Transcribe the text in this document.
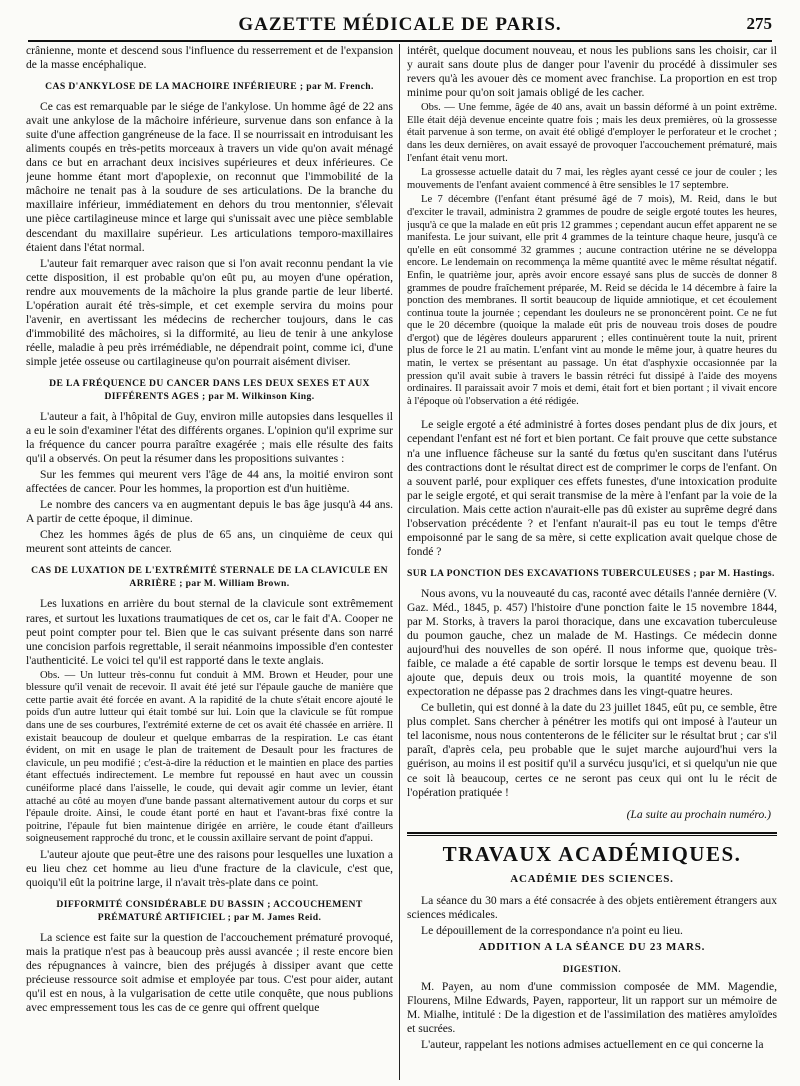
GAZETTE MÉDICALE DE PARIS.	275

crânienne, monte et descend sous l'influence du resserrement et de l'expansion de la masse encéphalique.

CAS D'ANKYLOSE DE LA MACHOIRE INFÉRIEURE ; par M. French.

Ce cas est remarquable par le siége de l'ankylose. Un homme âgé de 22 ans avait une ankylose de la mâchoire inférieure, survenue dans son enfance à la suite d'une affection gangréneuse de la face. Il se nourrissait en introduisant les aliments coupés en très-petits morceaux à travers un vide qu'on avait ménagé dans ce but en arrachant deux incisives supérieures et deux inférieures. Ce jeune homme étant mort d'apoplexie, on reconnut que l'immobilité de la mâchoire ne tenait pas à la soudure de ses articulations. De la branche du maxillaire inférieur, immédiatement en dehors du trou mentonnier, s'élevait une pièce cartilagineuse mince et large qui s'unissait avec une pièce semblable descendant du maxillaire supérieur. Les articulations temporo-maxillaires étaient dans l'état normal.

L'auteur fait remarquer avec raison que si l'on avait reconnu pendant la vie cette disposition, il est probable qu'on eût pu, au moyen d'une opération, rendre aux mouvements de la mâchoire la plus grande partie de leur liberté. L'opération aurait été très-simple, et cet exemple servira du moins pour l'avenir, en avertissant les médecins de rechercher toujours, dans le cas d'immobilité des mâchoires, si la difformité, au lieu de tenir à une ankylose réelle, maladie à peu près irrémédiable, ne dépendrait point, comme ici, d'une simple jetée osseuse ou cartilagineuse qu'on pourrait aisément diviser.

DE LA FRÉQUENCE DU CANCER DANS LES DEUX SEXES ET AUX DIFFÉRENTS AGES ; par M. Wilkinson King.

L'auteur a fait, à l'hôpital de Guy, environ mille autopsies dans lesquelles il a eu le soin d'examiner l'état des différents organes. L'opinion qu'il exprime sur la fréquence du cancer pourra paraître exagérée ; mais elle résulte des faits qu'il a observés. On peut la résumer dans les propositions suivantes :

Sur les femmes qui meurent vers l'âge de 44 ans, la moitié environ sont affectées de cancer. Pour les hommes, la proportion est d'un huitième.

Le nombre des cancers va en augmentant depuis le bas âge jusqu'à 44 ans. A partir de cette époque, il diminue.

Chez les hommes âgés de plus de 65 ans, un cinquième de ceux qui meurent sont atteints de cancer.

CAS DE LUXATION DE L'EXTRÉMITÉ STERNALE DE LA CLAVICULE EN ARRIÈRE ; par M. William Brown.

Les luxations en arrière du bout sternal de la clavicule sont extrêmement rares, et surtout les luxations traumatiques de cet os, car le fait d'A. Cooper ne peut point compter pour tel. Bien que le cas suivant présente dans son narré une concision parfois regrettable, il serait néanmoins impossible d'en contester l'authenticité. Le voici tel qu'il est rapporté dans le texte anglais.

Obs. — Un lutteur très-connu fut conduit à MM. Brown et Heuder, pour une blessure qu'il venait de recevoir. Il avait été jeté sur l'épaule gauche de manière que cette partie avait été forcée en avant. A la rapidité de la chute s'était encore ajouté le poids d'un autre lutteur qui était tombé sur lui. Loin que la clavicule se fût rompue dans une de ses courbures, l'extrémité externe de cet os avait été chassée en arrière. Il existait beaucoup de douleur et quelque embarras de la respiration. Le cas étant évident, on mit en usage le plan de traitement de Desault pour les fractures de clavicule, un peu modifié ; c'est-à-dire la réduction et le maintien en place des parties étant effectués indirectement. Le membre fut repoussé en haut avec un coussin cunéiforme placé dans l'aisselle, le coude, qui devait agir comme un levier, étant attaché au côté au moyen d'une bande passant alternativement autour du corps et sur l'épaule droite. Ainsi, le coude étant porté en haut et l'avant-bras fixé contre la poitrine, l'épaule fut bien maintenue dirigée en arrière, le coude étant d'ailleurs soigneusement rapproché du tronc, et le coussin axillaire servant de point d'appui.

L'auteur ajoute que peut-être une des raisons pour lesquelles une luxation a eu lieu chez cet homme au lieu d'une fracture de la clavicule, c'est que, quoiqu'il eût la poitrine large, il n'avait très-plate dans ce point.

DIFFORMITÉ CONSIDÉRABLE DU BASSIN ; ACCOUCHEMENT PRÉMATURÉ ARTIFICIEL ; par M. James Reid.

La science est faite sur la question de l'accouchement prématuré provoqué, mais la pratique n'est pas à beaucoup près aussi avancée ; il reste encore bien des répugnances à vaincre, bien des préjugés à dissiper avant que cette précieuse ressource soit admise et employée par tous. C'est pour aider, autant qu'il est en nous, à la vulgarisation de cette utile conquête, que nous publions avec empressement tous les cas de ce genre qui offrent quelque

intérêt, quelque document nouveau, et nous les publions sans les choisir, car il y aurait sans doute plus de danger pour l'avenir du procédé à dissimuler ses revers qu'à les avouer dès ce moment avec franchise. La proportion en est trop minime pour qu'on soit jamais obligé de les cacher.

Obs. — Une femme, âgée de 40 ans, avait un bassin déformé à un point extrême. Elle était déjà devenue enceinte quatre fois ; mais les deux premières, où la grossesse était parvenue à son terme, on avait été obligé d'employer le perforateur et le crochet ; dans les deux dernières, on avait essayé de provoquer l'accouchement prématuré, mais l'enfant était venu mort.

La grossesse actuelle datait du 7 mai, les règles ayant cessé ce jour de couler ; les mouvements de l'enfant avaient commencé à être sensibles le 17 septembre.

Le 7 décembre (l'enfant étant présumé âgé de 7 mois), M. Reid, dans le but d'exciter le travail, administra 2 grammes de poudre de seigle ergoté toutes les heures, jusqu'à ce que la malade en eût pris 12 grammes ; cependant aucun effet apparent ne se manifesta. Le jour suivant, elle prit 4 grammes de la teinture chaque heure, jusqu'à ce qu'elle en eût consommé 32 grammes ; aucune contraction utérine ne se développa encore. Le lendemain on recommença la même quantité avec le même résultat négatif. Enfin, le quatrième jour, après avoir encore essayé sans plus de succès de donner 8 grammes de poudre fraîchement préparée, M. Reid se décida le 14 décembre à faire la ponction des membranes. Il sortit beaucoup de liquide amniotique, et cet écoulement continua toute la journée ; cependant les douleurs ne se prononcèrent point. Ce ne fut que le 20 décembre (quoique la malade eût pris de nouveau trois doses de poudre d'ergot) que de légères douleurs apparurent ; elles continuèrent toute la nuit, prirent plus de force le 21 au matin. L'enfant vint au monde le même jour, à quatre heures du matin, le vertex se présentant au passage. Un état d'asphyxie occasionnée par la pression qu'il avait subie à travers le bassin rétréci fut dissipé à l'aide des moyens ordinaires. Il paraissait avoir 7 mois et demi, était fort et bien portant ; il vivait encore à l'époque où l'observation a été rédigée.

Le seigle ergoté a été administré à fortes doses pendant plus de dix jours, et cependant l'enfant est né fort et bien portant. Ce fait prouve que cette substance n'a une influence fâcheuse sur la santé du fœtus qu'en suscitant dans l'utérus des contractions dont le résultat direct est de comprimer le corps de l'enfant. On a souvent parlé, pour expliquer ces effets funestes, d'une intoxication produite par le seigle ergoté, et qui serait transmise de la mère à l'enfant par la voie de la circulation. Mais cette action n'aurait-elle pas dû exister au suprême degré dans l'observation précédente ? et l'enfant n'aurait-il pas eu tout le temps d'être empoisonné par le sang de sa mère, si cette explication avait quelque chose de fondé ?

SUR LA PONCTION DES EXCAVATIONS TUBERCULEUSES ; par M. Hastings.

Nous avons, vu la nouveauté du cas, raconté avec détails l'année dernière (V. Gaz. Méd., 1845, p. 457) l'histoire d'une ponction faite le 15 novembre 1844, par M. Storks, à travers la paroi thoracique, dans une excavation tuberculeuse du poumon gauche, chez un malade de M. Hastings. Ce médecin donne aujourd'hui des nouvelles de son opéré. Il nous informe que, quoique très-faible, ce malade a été capable de sortir lorsque le temps est devenu beau. Il ajoute que, depuis deux ou trois mois, la quantité moyenne de son expectoration ne dépasse pas 2 drachmes dans les vingt-quatre heures.

Ce bulletin, qui est donné à la date du 23 juillet 1845, eût pu, ce semble, être plus complet. Sans chercher à pénétrer les motifs qui ont imposé à l'auteur un tel laconisme, nous nous contenterons de le féliciter sur le résultat brut ; car s'il paraît, d'après cela, peu probable que le sujet marche aujourd'hui vers la guérison, au moins il est positif qu'il a survécu jusqu'ici, et si quelqu'un nie que ce soit là beaucoup, certes ce ne seront pas ceux qui ont lu le récit de l'opération pratiquée !

(La suite au prochain numéro.)

TRAVAUX ACADÉMIQUES.
ACADÉMIE DES SCIENCES.

La séance du 30 mars a été consacrée à des objets entièrement étrangers aux sciences médicales.

Le dépouillement de la correspondance n'a point eu lieu.

ADDITION A LA SÉANCE DU 23 MARS.
DIGESTION.

M. Payen, au nom d'une commission composée de MM. Magendie, Flourens, Milne Edwards, Payen, rapporteur, lit un rapport sur un mémoire de M. Mialhe, intitulé : De la digestion et de l'assimilation des matières amyloïdes et sucrées.

L'auteur, rappelant les notions admises actuellement en ce qui concerne la
